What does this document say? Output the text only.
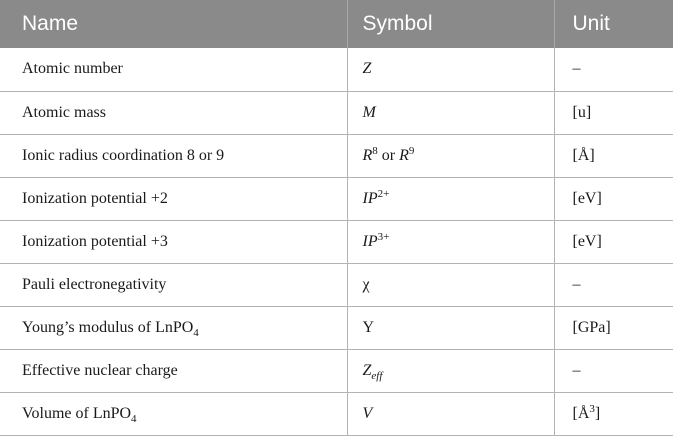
Name	Symbol	Unit
Atomic number	Z	–
Atomic mass	M	[u]
Ionic radius coordination 8 or 9	$R^8$ or $R^9$	[Å]
Ionization potential +2	$IP^{2+}$	[eV]
Ionization potential +3	$IP^{3+}$	[eV]
Pauli electronegativity	χ	–
Young’s modulus of LnPO$_4$	Y	[GPa]
Effective nuclear charge	$Z_{eff}$	–
Volume of LnPO$_4$	V	$[Å^3]$
